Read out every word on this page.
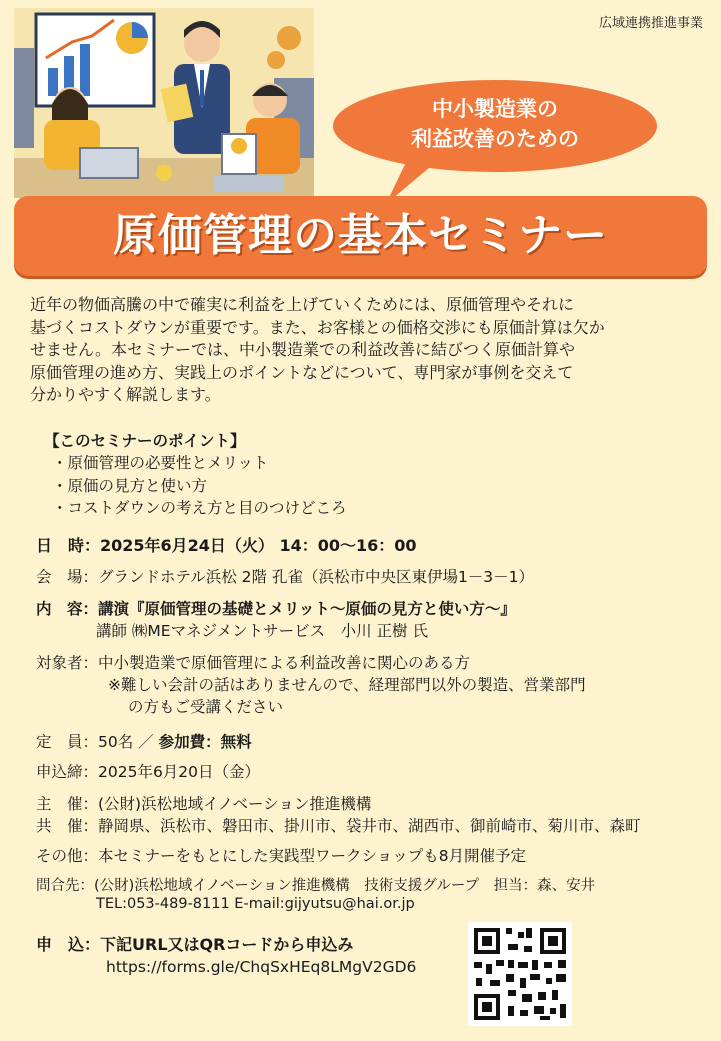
広域連携推進事業
中小製造業の
利益改善のための
原価管理の基本セミナー
近年の物価高騰の中で確実に利益を上げていくためには、原価管理やそれに
基づくコストダウンが重要です。また、お客様との価格交渉にも原価計算は欠か
せません。本セミナーでは、中小製造業での利益改善に結びつく原価計算や
原価管理の進め方、実践上のポイントなどについて、専門家が事例を交えて
分かりやすく解説します。
【このセミナーのポイント】
・原価管理の必要性とメリット
・原価の見方と使い方
・コストダウンの考え方と目のつけどころ
日　時：2025年6月24日（火） 14：00～16：00
会　場：グランドホテル浜松 2階 孔雀（浜松市中央区東伊場1－3－1）
内　容：講演『原価管理の基礎とメリット～原価の見方と使い方～』
講師 ㈱MEマネジメントサービス　小川 正樹 氏
対象者：中小製造業で原価管理による利益改善に関心のある方
※難しい会計の話はありませんので、経理部門以外の製造、営業部門
の方もご受講ください
定　員：50名 ／ 参加費：無料
申込締：2025年6月20日（金）
主　催：(公財)浜松地域イノベーション推進機構
共　催：静岡県、浜松市、磐田市、掛川市、袋井市、湖西市、御前崎市、菊川市、森町
その他：本セミナーをもとにした実践型ワークショップも8月開催予定
問合先：(公財)浜松地域イノベーション推進機構　技術支援グループ　担当：森、安井
TEL:053-489-8111 E-mail:gijyutsu@hai.or.jp
申　込：下記URL又はQRコードから申込み
https://forms.gle/ChqSxHEq8LMgV2GD6
